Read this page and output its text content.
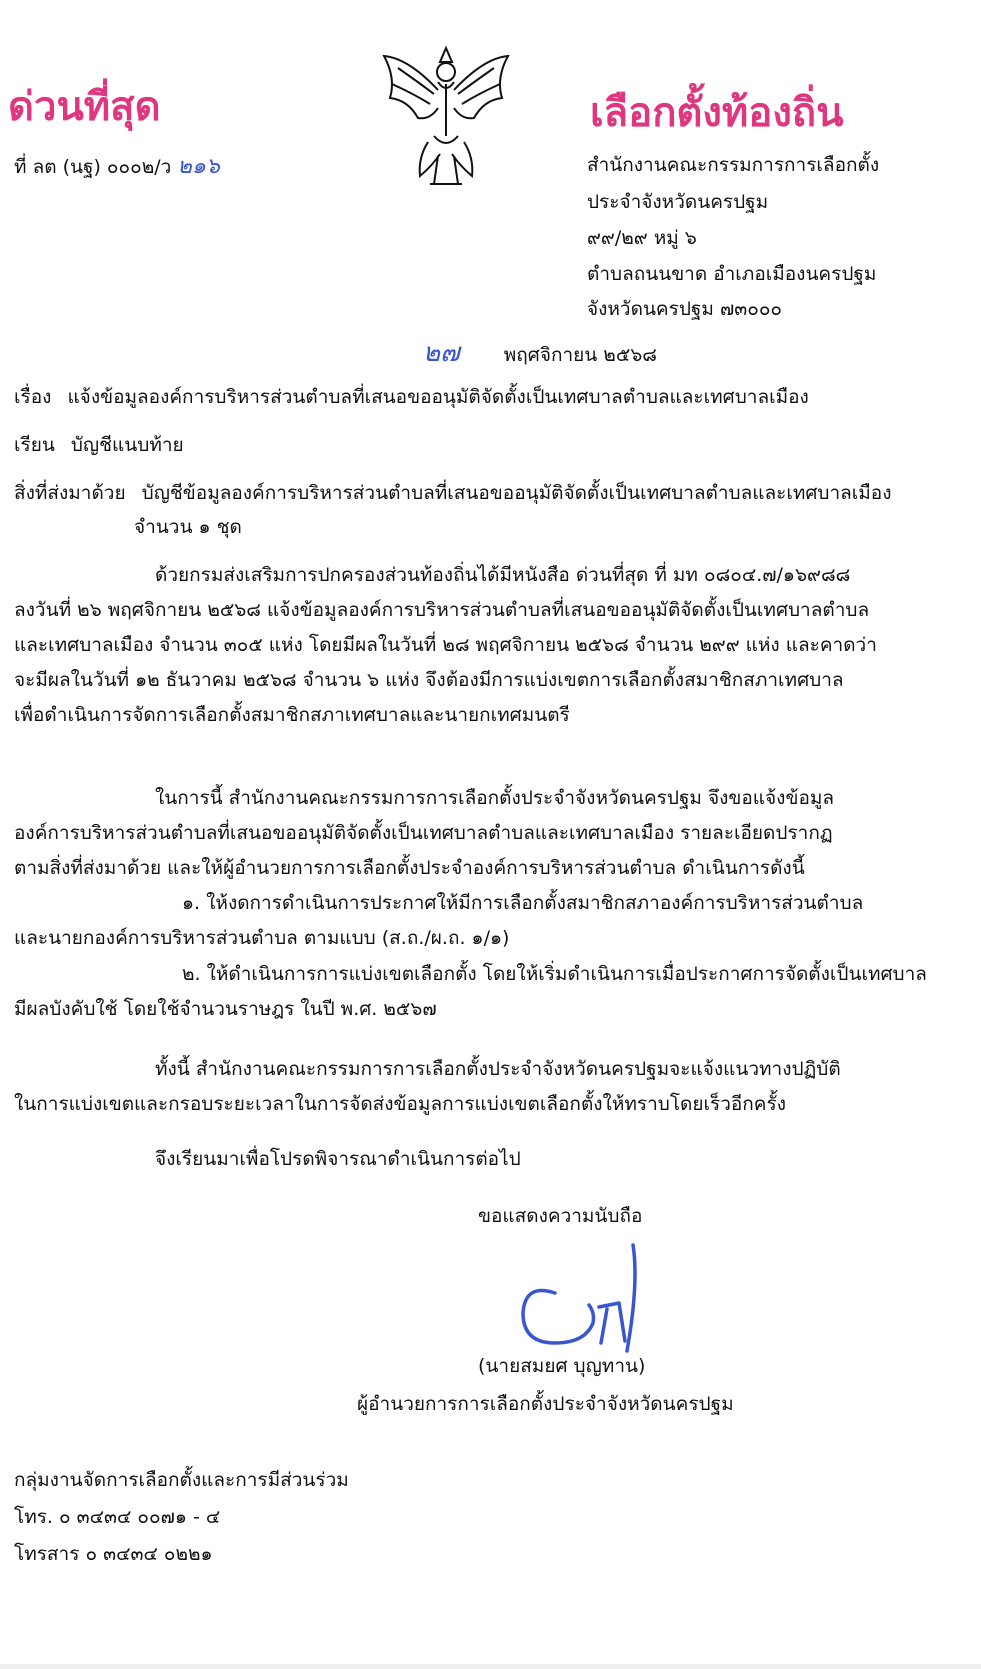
ด่วนที่สุด	เลือกตั้งท้องถิ่น
ที่ ลต (นฐ) ๐๐๐๒/ว ๒๑๖	สำนักงานคณะกรรมการการเลือกตั้ง
ประจำจังหวัดนครปฐม
๙๙/๒๙ หมู่ ๖
ตำบลถนนขาด อำเภอเมืองนครปฐม
จังหวัดนครปฐม ๗๓๐๐๐
๒๗ พฤศจิกายน ๒๕๖๘
เรื่อง แจ้งข้อมูลองค์การบริหารส่วนตำบลที่เสนอขออนุมัติจัดตั้งเป็นเทศบาลตำบลและเทศบาลเมือง
เรียน บัญชีแนบท้าย
สิ่งที่ส่งมาด้วย บัญชีข้อมูลองค์การบริหารส่วนตำบลที่เสนอขออนุมัติจัดตั้งเป็นเทศบาลตำบลและเทศบาลเมือง
จำนวน ๑ ชุด
ด้วยกรมส่งเสริมการปกครองส่วนท้องถิ่นได้มีหนังสือ ด่วนที่สุด ที่ มท ๐๘๐๔.๗/๑๖๙๘๘
ลงวันที่ ๒๖ พฤศจิกายน ๒๕๖๘ แจ้งข้อมูลองค์การบริหารส่วนตำบลที่เสนอขออนุมัติจัดตั้งเป็นเทศบาลตำบล
และเทศบาลเมือง จำนวน ๓๐๕ แห่ง โดยมีผลในวันที่ ๒๘ พฤศจิกายน ๒๕๖๘ จำนวน ๒๙๙ แห่ง และคาดว่า
จะมีผลในวันที่ ๑๒ ธันวาคม ๒๕๖๘ จำนวน ๖ แห่ง จึงต้องมีการแบ่งเขตการเลือกตั้งสมาชิกสภาเทศบาล
เพื่อดำเนินการจัดการเลือกตั้งสมาชิกสภาเทศบาลและนายกเทศมนตรี
ในการนี้ สำนักงานคณะกรรมการการเลือกตั้งประจำจังหวัดนครปฐม จึงขอแจ้งข้อมูล
องค์การบริหารส่วนตำบลที่เสนอขออนุมัติจัดตั้งเป็นเทศบาลตำบลและเทศบาลเมือง รายละเอียดปรากฏ
ตามสิ่งที่ส่งมาด้วย และให้ผู้อำนวยการการเลือกตั้งประจำองค์การบริหารส่วนตำบล ดำเนินการดังนี้
๑. ให้งดการดำเนินการประกาศให้มีการเลือกตั้งสมาชิกสภาองค์การบริหารส่วนตำบล
และนายกองค์การบริหารส่วนตำบล ตามแบบ (ส.ถ./ผ.ถ. ๑/๑)
๒. ให้ดำเนินการการแบ่งเขตเลือกตั้ง โดยให้เริ่มดำเนินการเมื่อประกาศการจัดตั้งเป็นเทศบาล
มีผลบังคับใช้ โดยใช้จำนวนราษฎร ในปี พ.ศ. ๒๕๖๗
ทั้งนี้ สำนักงานคณะกรรมการการเลือกตั้งประจำจังหวัดนครปฐมจะแจ้งแนวทางปฏิบัติ
ในการแบ่งเขตและกรอบระยะเวลาในการจัดส่งข้อมูลการแบ่งเขตเลือกตั้งให้ทราบโดยเร็วอีกครั้ง
จึงเรียนมาเพื่อโปรดพิจารณาดำเนินการต่อไป
ขอแสดงความนับถือ
(นายสมยศ บุญทาน)
ผู้อำนวยการการเลือกตั้งประจำจังหวัดนครปฐม
กลุ่มงานจัดการเลือกตั้งและการมีส่วนร่วม
โทร. ๐ ๓๔๓๔ ๐๐๗๑ - ๔
โทรสาร ๐ ๓๔๓๔ ๐๒๒๑
